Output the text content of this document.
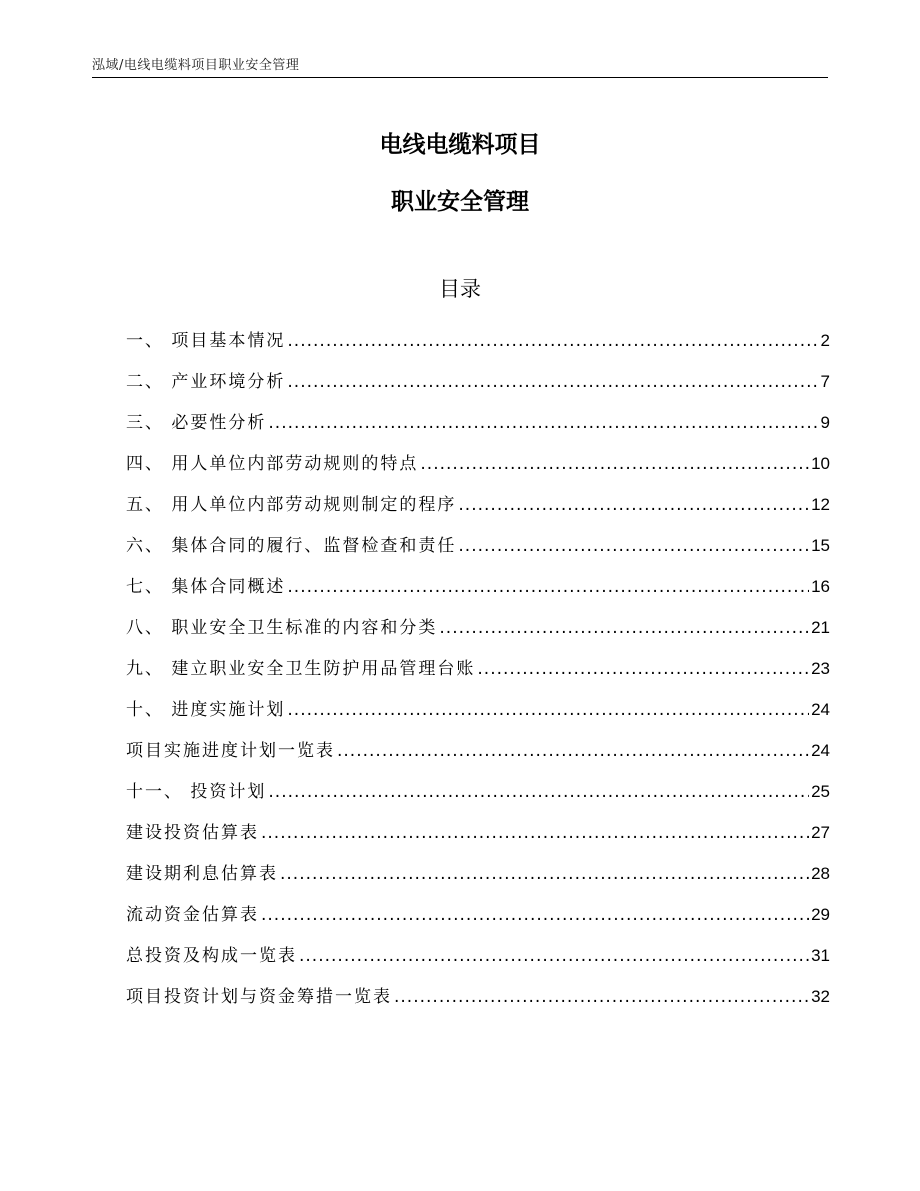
泓域/电线电缆料项目职业安全管理
电线电缆料项目
职业安全管理
目录
一、 项目基本情况 .....	2
二、 产业环境分析 .....	7
三、 必要性分析 .....	9
四、 用人单位内部劳动规则的特点 .....	10
五、 用人单位内部劳动规则制定的程序 .....	12
六、 集体合同的履行、监督检查和责任 .....	15
七、 集体合同概述 .....	16
八、 职业安全卫生标准的内容和分类 .....	21
九、 建立职业安全卫生防护用品管理台账 .....	23
十、 进度实施计划 .....	24
项目实施进度计划一览表 .....	24
十一、 投资计划 .....	25
建设投资估算表 .....	27
建设期利息估算表 .....	28
流动资金估算表 .....	29
总投资及构成一览表 .....	31
项目投资计划与资金筹措一览表 .....	32
